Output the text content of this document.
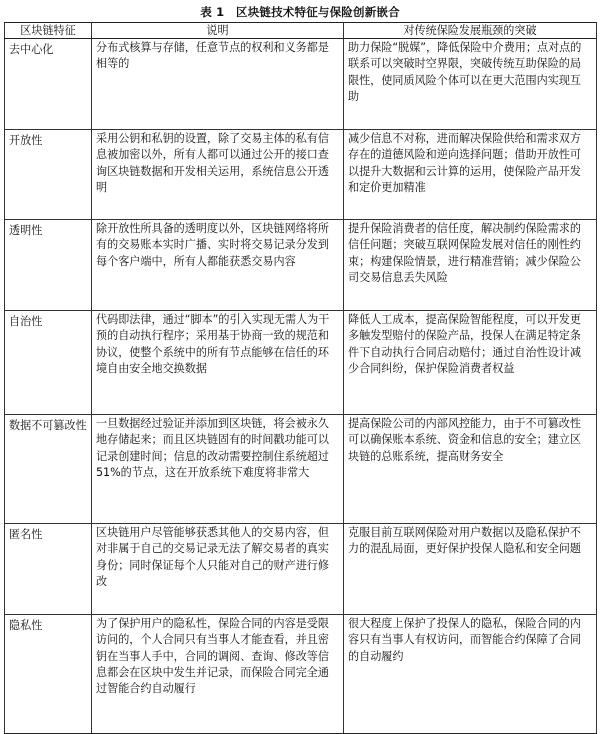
表 1　区块链技术特征与保险创新嵌合
区块链特征	说明	对传统保险发展瓶颈的突破
去中心化	分布式核算与存储，任意节点的权利和义务都是相等的	助力保险“脱媒”，降低保险中介费用；点对点的联系可以突破时空界限，突破传统互助保险的局限性，使同质风险个体可以在更大范围内实现互助
开放性	采用公钥和私钥的设置，除了交易主体的私有信息被加密以外，所有人都可以通过公开的接口查询区块链数据和开发相关运用，系统信息公开透明	减少信息不对称，进而解决保险供给和需求双方存在的道德风险和逆向选择问题；借助开放性可以提升大数据和云计算的运用，使保险产品开发和定价更加精准
透明性	除开放性所具备的透明度以外，区块链网络将所有的交易账本实时广播、实时将交易记录分发到每个客户端中，所有人都能获悉交易内容	提升保险消费者的信任度，解决制约保险需求的信任问题；突破互联网保险发展对信任的刚性约束；构建保险情景，进行精准营销；减少保险公司交易信息丢失风险
自治性	代码即法律，通过“脚本”的引入实现无需人为干预的自动执行程序；采用基于协商一致的规范和协议，使整个系统中的所有节点能够在信任的环境自由安全地交换数据	降低人工成本，提高保险智能程度，可以开发更多触发型赔付的保险产品，投保人在满足特定条件下自动执行合同启动赔付；通过自治性设计减少合同纠纷，保护保险消费者权益
数据不可篡改性	一旦数据经过验证并添加到区块链，将会被永久地存储起来；而且区块链固有的时间戳功能可以记录创建时间；信息的改动需要控制住系统超过 51%的节点，这在开放系统下难度将非常大	提高保险公司的内部风控能力，由于不可篡改性可以确保账本系统、资金和信息的安全；建立区块链的总账系统，提高财务安全
匿名性	区块链用户尽管能够获悉其他人的交易内容，但对非属于自己的交易记录无法了解交易者的真实身份；同时保证每个人只能对自己的财产进行修改	克服目前互联网保险对用户数据以及隐私保护不力的混乱局面，更好保护投保人隐私和安全问题
隐私性	为了保护用户的隐私性，保险合同的内容是受限访问的，个人合同只有当事人才能查看，并且密钥在当事人手中，合同的调阅、查询、修改等信息都会在区块中发生并记录，而保险合同完全通过智能合约自动履行	很大程度上保护了投保人的隐私，保险合同的内容只有当事人有权访问，而智能合约保障了合同的自动履约
